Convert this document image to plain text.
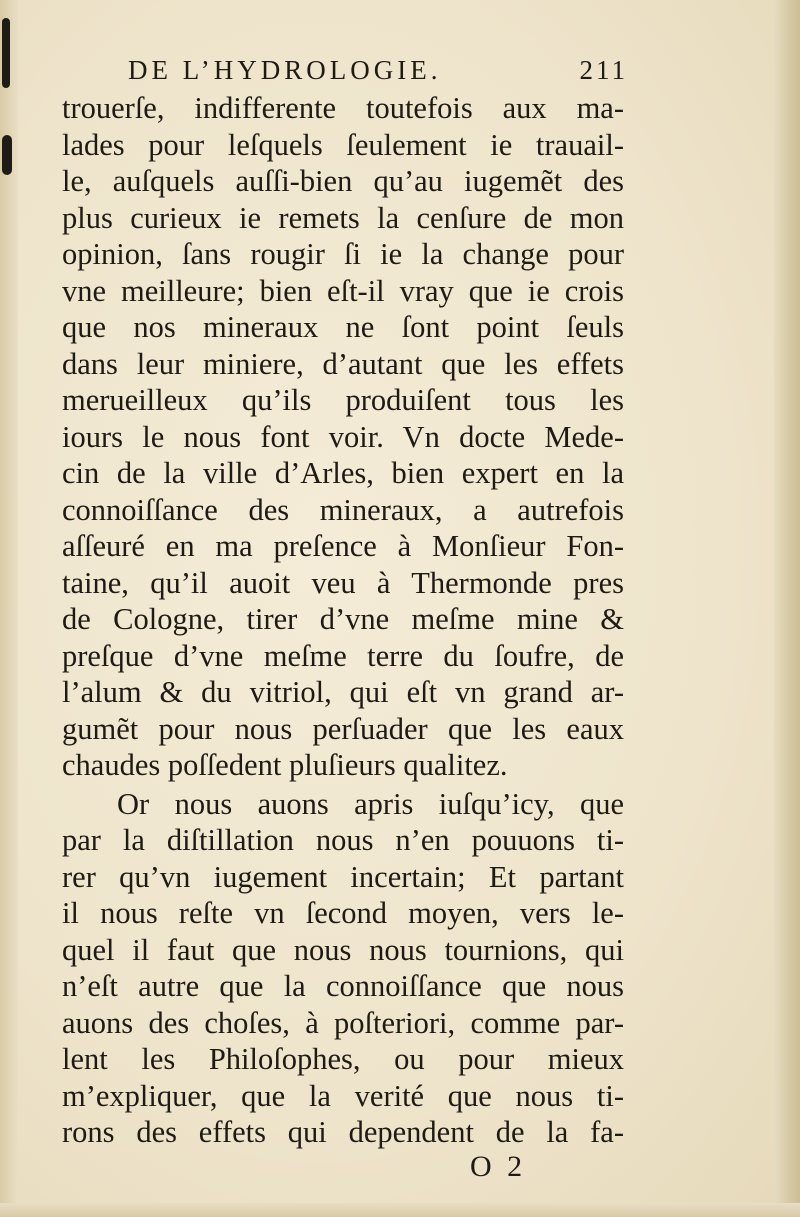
DE L’HYDROLOGIE.	211
trouerſe, indifferente toutefois aux ma-
lades pour leſquels ſeulement ie trauail-
le, auſquels auſſi-bien qu’au iugemẽt des
plus curieux ie remets la cenſure de mon
opinion, ſans rougir ſi ie la change pour
vne meilleure; bien eſt-il vray que ie crois
que nos mineraux ne ſont point ſeuls
dans leur miniere, d’autant que les effets
merueilleux qu’ils produiſent tous les
iours le nous font voir. Vn docte Mede-
cin de la ville d’Arles, bien expert en la
connoiſſance des mineraux, a autrefois
aſſeuré en ma preſence à Monſieur Fon-
taine, qu’il auoit veu à Thermonde pres
de Cologne, tirer d’vne meſme mine &
preſque d’vne meſme terre du ſoufre, de
l’alum & du vitriol, qui eſt vn grand ar-
gumẽt pour nous perſuader que les eaux
chaudes poſſedent pluſieurs qualitez.
Or nous auons apris iuſqu’icy, que
par la diſtillation nous n’en pouuons ti-
rer qu’vn iugement incertain; Et partant
il nous reſte vn ſecond moyen, vers le-
quel il faut que nous nous tournions, qui
n’eſt autre que la connoiſſance que nous
auons des choſes, à poſteriori, comme par-
lent les Philoſophes, ou pour mieux
m’expliquer, que la verité que nous ti-
rons des effets qui dependent de la fa-
O 2
